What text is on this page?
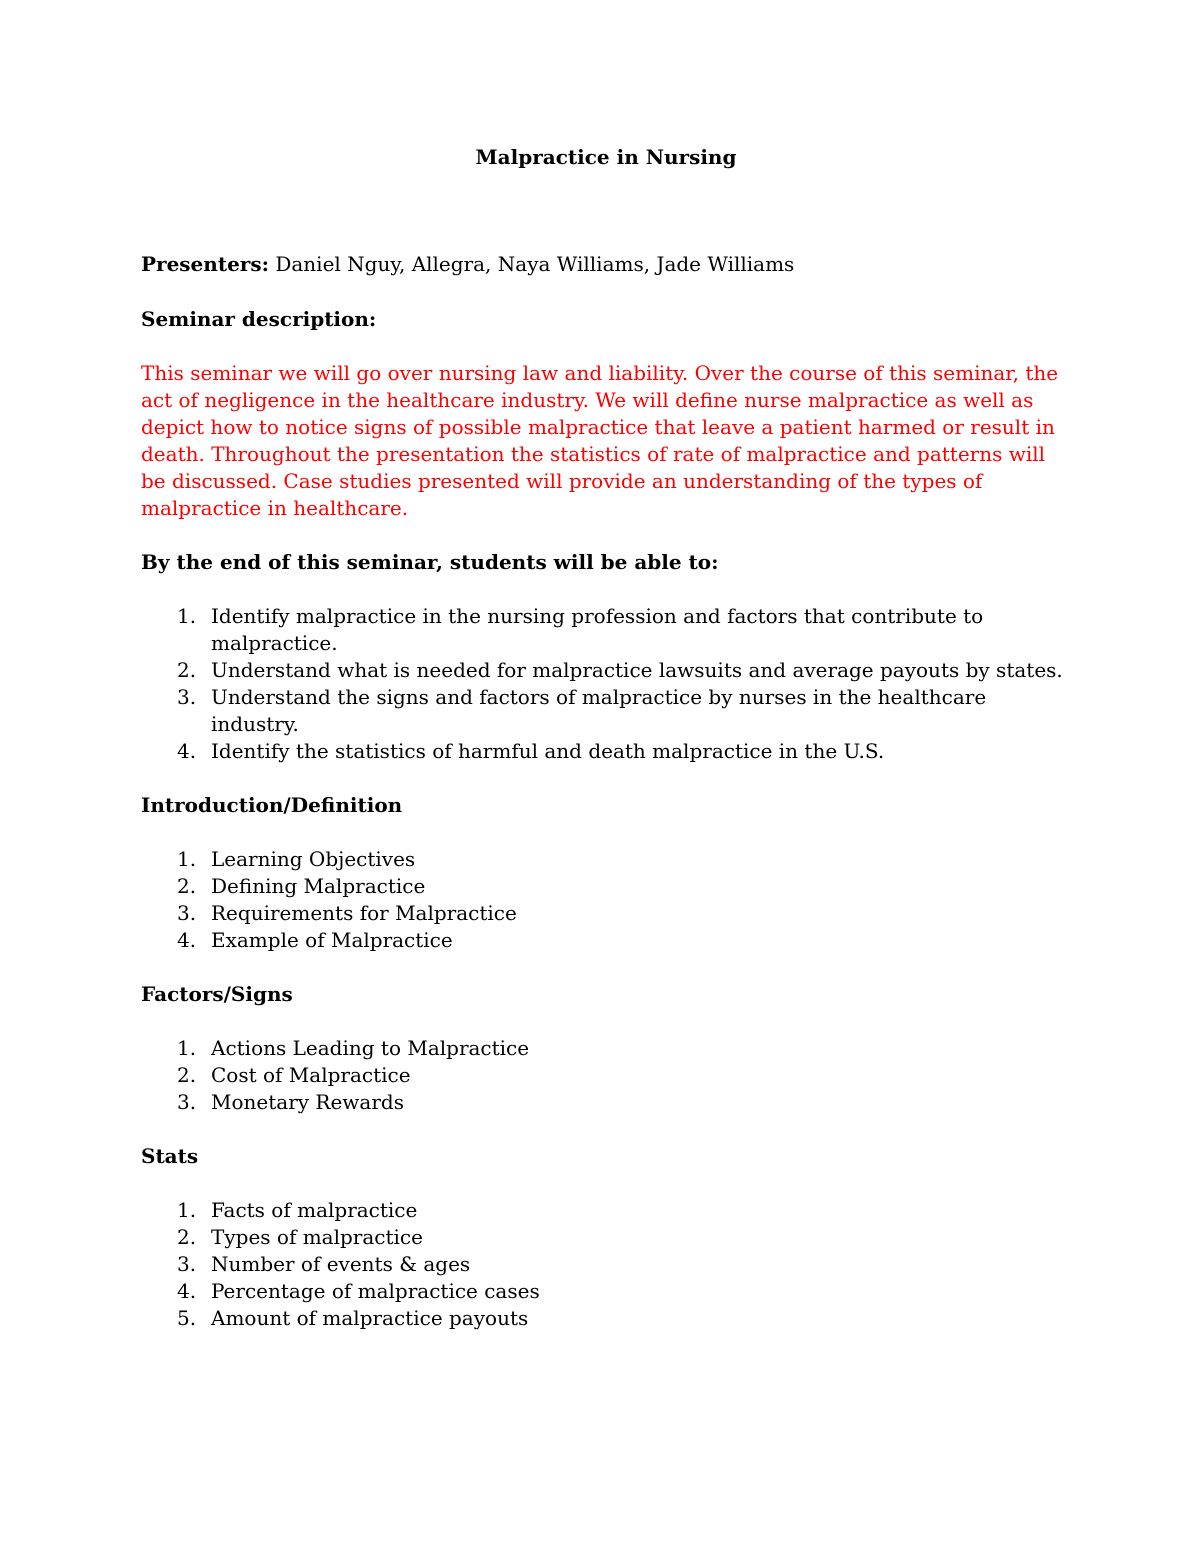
Malpractice in Nursing

Presenters: Daniel Nguy, Allegra, Naya Williams, Jade Williams

Seminar description:

This seminar we will go over nursing law and liability. Over the course of this seminar, the act of negligence in the healthcare industry. We will define nurse malpractice as well as depict how to notice signs of possible malpractice that leave a patient harmed or result in death. Throughout the presentation the statistics of rate of malpractice and patterns will be discussed. Case studies presented will provide an understanding of the types of malpractice in healthcare.

By the end of this seminar, students will be able to:

1. Identify malpractice in the nursing profession and factors that contribute to malpractice.
2. Understand what is needed for malpractice lawsuits and average payouts by states.
3. Understand the signs and factors of malpractice by nurses in the healthcare industry.
4. Identify the statistics of harmful and death malpractice in the U.S.

Introduction/Definition

1. Learning Objectives
2. Defining Malpractice
3. Requirements for Malpractice
4. Example of Malpractice

Factors/Signs

1. Actions Leading to Malpractice
2. Cost of Malpractice
3. Monetary Rewards

Stats

1. Facts of malpractice
2. Types of malpractice
3. Number of events & ages
4. Percentage of malpractice cases
5. Amount of malpractice payouts
